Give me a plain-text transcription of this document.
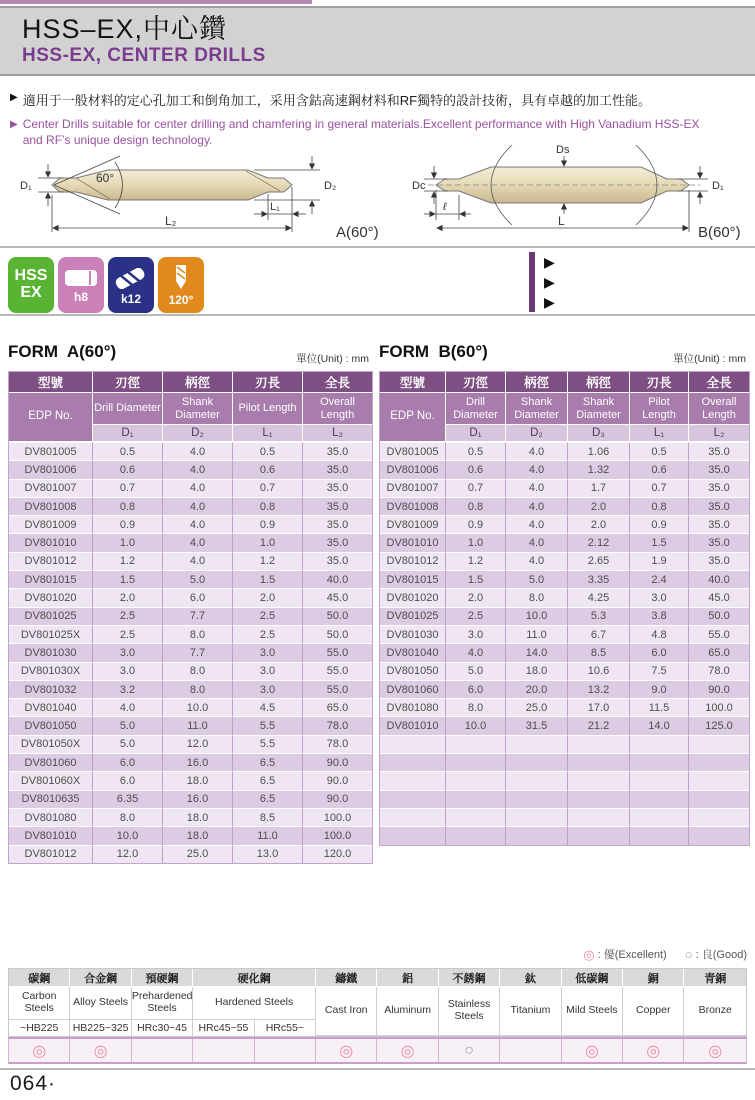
HSS–EX,中心鑽
HSS-EX, CENTER DRILLS
▶ 適用于一般材料的定心孔加工和倒角加工，采用含鈷高速鋼材料和RF獨特的設計技術，具有卓越的加工性能。
▶ Center Drills suitable for center drilling and chamfering in general materials.Excellent performance with High Vanadium HSS-EX
and RF’s unique design technology.
D₁
60°
D₂
L₁
L₂
A(60°)
Dc
Ds
D₁
ℓ
L
B(60°)
HSS
EX	h8	k12 120°
▶
▶
▶
FORM  A(60°)	單位(Unit) : mm
型號	刃徑	柄徑	刃長	全長
EDP No.	Drill Diameter	Shank Diameter	Pilot Length	Overall Length
	D₁	D₂	L₁	L₂
DV801005	0.5	4.0	0.5	35.0
DV801006	0.6	4.0	0.6	35.0
DV801007	0.7	4.0	0.7	35.0
DV801008	0.8	4.0	0.8	35.0
DV801009	0.9	4.0	0.9	35.0
DV801010	1.0	4.0	1.0	35.0
DV801012	1.2	4.0	1.2	35.0
DV801015	1.5	5.0	1.5	40.0
DV801020	2.0	6.0	2.0	45.0
DV801025	2.5	7.7	2.5	50.0
DV801025X	2.5	8.0	2.5	50.0
DV801030	3.0	7.7	3.0	55.0
DV801030X	3.0	8.0	3.0	55.0
DV801032	3.2	8.0	3.0	55.0
DV801040	4.0	10.0	4.5	65.0
DV801050	5.0	11.0	5.5	78.0
DV801050X	5.0	12.0	5.5	78.0
DV801060	6.0	16.0	6.5	90.0
DV801060X	6.0	18.0	6.5	90.0
DV8010635	6.35	16.0	6.5	90.0
DV801080	8.0	18.0	8.5	100.0
DV801010	10.0	18.0	11.0	100.0
DV801012	12.0	25.0	13.0	120.0
FORM  B(60°)	單位(Unit) : mm
型號	刃徑	柄徑	柄徑	刃長	全長
EDP No.	Drill Diameter	Shank Diameter	Shank Diameter	Pilot Length	Overall Length
	D₁	D₂	D₃	L₁	L₂
DV801005	0.5	4.0	1.06	0.5	35.0
DV801006	0.6	4.0	1.32	0.6	35.0
DV801007	0.7	4.0	1.7	0.7	35.0
DV801008	0.8	4.0	2.0	0.8	35.0
DV801009	0.9	4.0	2.0	0.9	35.0
DV801010	1.0	4.0	2.12	1.5	35.0
DV801012	1.2	4.0	2.65	1.9	35.0
DV801015	1.5	5.0	3.35	2.4	40.0
DV801020	2.0	8.0	4.25	3.0	45.0
DV801025	2.5	10.0	5.3	3.8	50.0
DV801030	3.0	11.0	6.7	4.8	55.0
DV801040	4.0	14.0	8.5	6.0	65.0
DV801050	5.0	18.0	10.6	7.5	78.0
DV801060	6.0	20.0	13.2	9.0	90.0
DV801080	8.0	25.0	17.0	11.5	100.0
DV801010	10.0	31.5	21.2	14.0	125.0

◎ : 優(Excellent) ○ : 良(Good)
碳鋼	合金鋼	預硬鋼	硬化鋼		鑄鐵	鋁	不銹鋼	鈦	低碳鋼	銅	青銅
Carbon Steels	Alloy Steels	Prehardened Steels	Hardened Steels		Cast Iron	Aluminum	Stainless Steels	Titanium	Mild Steels	Copper	Bronze
~HB225	HB225~325	HRc30~45	HRc45~55	HRc55~							
◎	◎				◎	◎	○		◎	◎	◎
064·
